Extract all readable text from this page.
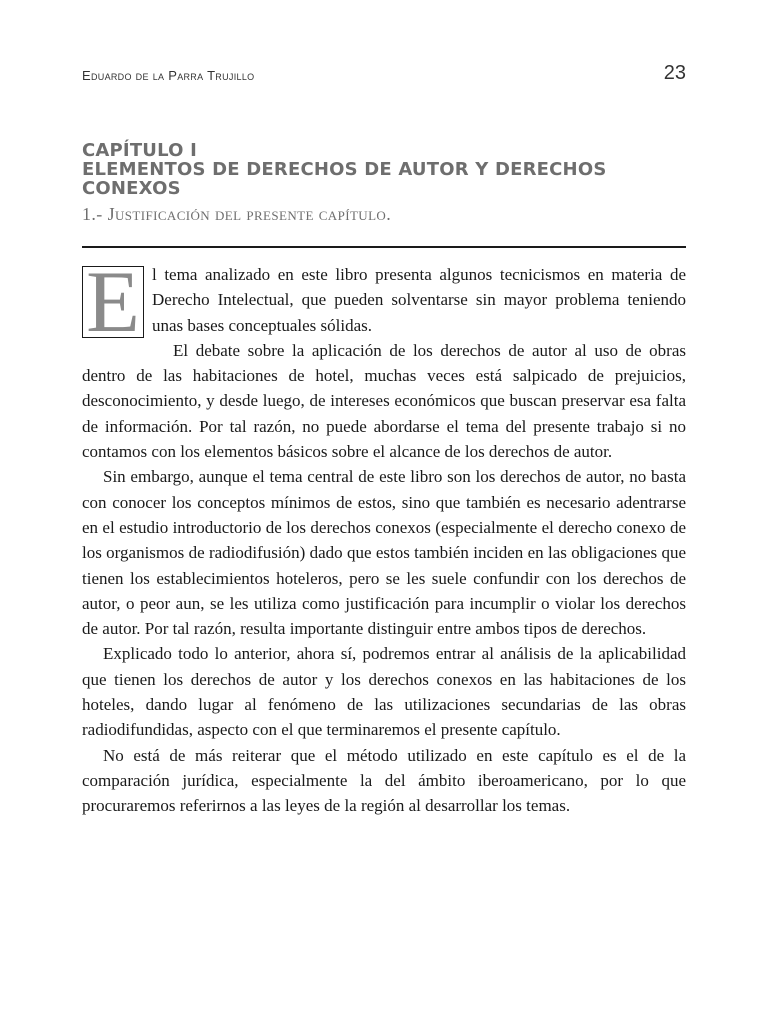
Eduardo de la Parra Trujillo	23
CAPÍTULO I
ELEMENTOS DE DERECHOS DE AUTOR Y DERECHOS
CONEXOS
1.- Justificación del presente capítulo.

E l tema analizado en este libro presenta algunos tecnicismos en materia de Derecho Intelectual, que pueden solventarse sin mayor problema teniendo unas bases conceptuales sólidas.

El debate sobre la aplicación de los derechos de autor al uso de obras dentro de las habitaciones de hotel, muchas veces está salpicado de prejuicios, desconocimiento, y desde luego, de intereses económicos que buscan preservar esa falta de información. Por tal razón, no puede abordarse el tema del presente trabajo si no contamos con los elementos básicos sobre el alcance de los derechos de autor.

Sin embargo, aunque el tema central de este libro son los derechos de autor, no basta con conocer los conceptos mínimos de estos, sino que también es necesario adentrarse en el estudio introductorio de los derechos conexos (especialmente el derecho conexo de los organismos de radiodifusión) dado que estos también inciden en las obligaciones que tienen los establecimientos hoteleros, pero se les suele confundir con los derechos de autor, o peor aun, se les utiliza como justificación para incumplir o violar los derechos de autor. Por tal razón, resulta importante distinguir entre ambos tipos de derechos.

Explicado todo lo anterior, ahora sí, podremos entrar al análisis de la aplicabilidad que tienen los derechos de autor y los derechos conexos en las habitaciones de los hoteles, dando lugar al fenómeno de las utilizaciones secundarias de las obras radiodifundidas, aspecto con el que terminaremos el presente capítulo.

No está de más reiterar que el método utilizado en este capítulo es el de la comparación jurídica, especialmente la del ámbito iberoamericano, por lo que procuraremos referirnos a las leyes de la región al desarrollar los temas.
